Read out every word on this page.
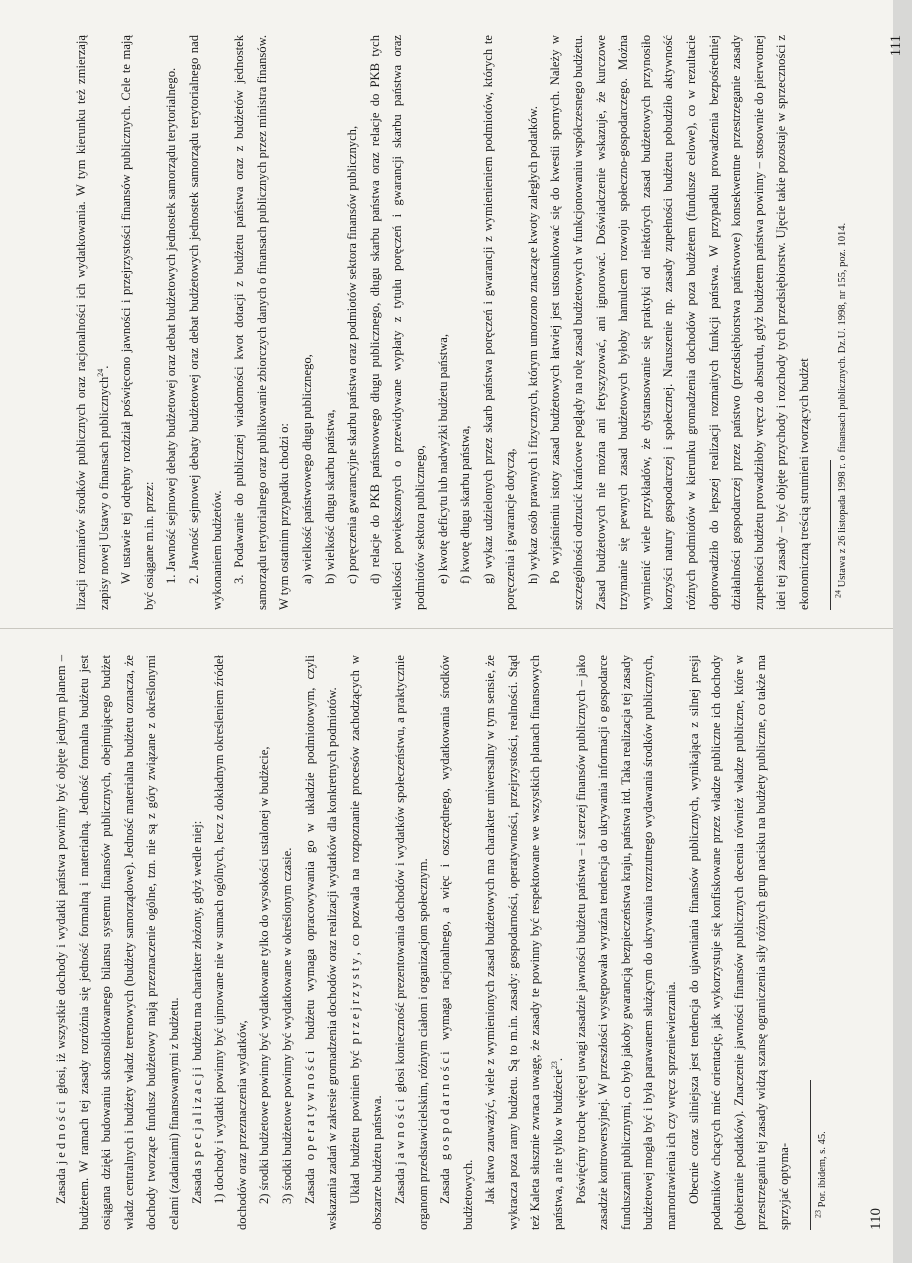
Zasada jedności głosi, iż wszystkie dochody i wydatki państwa powinny być objęte jednym planem – budżetem. W ramach tej zasady rozróżnia się jedność formalną i materialną. Jedność formalna budżetu jest osiągana dzięki budowaniu skonsolidowanego bilansu systemu finansów publicznych, obejmującego budżet władz centralnych i budżety władz terenowych (budżety samorządowe). Jedność materialna budżetu oznacza, że dochody tworzące fundusz budżetowy mają przeznaczenie ogólne, tzn. nie są z góry związane z określonymi celami (zadaniami) finansowanymi z budżetu. Zasada specjalizacji budżetu ma charakter złożony, gdyż wedle niej: 1) dochody i wydatki powinny być ujmowane nie w sumach ogólnych, lecz z dokładnym określeniem źródeł dochodów oraz przeznaczenia wydatków, 2) środki budżetowe powinny być wydatkowane tylko do wysokości ustalonej w budżecie, 3) środki budżetowe powinny być wydatkowane w określonym czasie. Zasada operatywności budżetu wymaga opracowywania go w układzie podmiotowym, czyli wskazania zadań w zakresie gromadzenia dochodów oraz realizacji wydatków dla konkretnych podmiotów. Układ budżetu powinien być przejrzysty, co pozwala na rozpoznanie procesów zachodzących w obszarze budżetu państwa. Zasada jawności głosi konieczność prezentowania dochodów i wydatków społeczeństwu, a praktycznie organom przedstawicielskim, różnym ciałom i organizacjom społecznym. Zasada gospodarności wymaga racjonalnego, a więc i oszczędnego, wydatkowania środków budżetowych. Jak łatwo zauważyć, wiele z wymienionych zasad budżetowych ma charakter uniwersalny w tym sensie, że wykracza poza ramy budżetu. Są to m.in. zasady: gospodarności, operatywności, przejrzystości, realności. Stąd też Kaleta słusznie zwraca uwagę, że zasady te powinny być respektowane we wszystkich planach finansowych państwa, a nie tylko w budżecie$^{23}$. Poświęćmy trochę więcej uwagi zasadzie jawności budżetu państwa – i szerzej finansów publicznych – jako zasadzie kontrowersyjnej. W przeszłości występowała wyraźna tendencja do ukrywania informacji o gospodarce funduszami publicznymi, co było jakoby gwarancją bezpieczeństwa kraju, państwa itd. Taka realizacja tej zasady budżetowej mogła być i była parawanem służącym do ukrywania rozrzutnego wydawania środków publicznych, marnotrawienia ich czy wręcz sprzeniewierzania. Obecnie coraz silniejsza jest tendencja do ujawniania finansów publicznych, wynikająca z silnej presji podatników chcących mieć orientację, jak wykorzystuje się konfiskowane przez władze publiczne ich dochody (pobieranie podatków). Znaczenie jawności finansów publicznych decenia również władze publiczne, które w przestrzeganiu tej zasady widzą szansę ograniczenia siły różnych grup nacisku na budżety publiczne, co także ma sprzyjać optyma-	$^{23}$ Por. ibidem, s. 45.

110

lizacji rozmiarów środków publicznych oraz racjonalności ich wydatkowania. W tym kierunku też zmierzają zapisy nowej Ustawy o finansach publicznych$^{24}$. W ustawie tej odrębny rozdział poświęcono jawności i przejrzystości finansów publicznych. Cele te mają być osiągane m.in. przez: 1. Jawność sejmowej debaty budżetowej oraz debat budżetowych jednostek samorządu terytorialnego. 2. Jawność sejmowej debaty budżetowej oraz debat budżetowych jednostek samorządu terytorialnego nad wykonaniem budżetów. 3. Podawanie do publicznej wiadomości kwot dotacji z budżetu państwa oraz z budżetów jednostek samorządu terytorialnego oraz publikowanie zbiorczych danych o finansach publicznych przez ministra finansów. W tym ostatnim przypadku chodzi o: a) wielkość państwowego długu publicznego, b) wielkość długu skarbu państwa, c) poręczenia gwarancyjne skarbu państwa oraz podmiotów sektora finansów publicznych, d) relacje do PKB państwowego długu publicznego, długu skarbu państwa oraz relacje do PKB tych wielkości powiększonych o przewidywane wypłaty z tytułu poręczeń i gwarancji skarbu państwa oraz podmiotów sektora publicznego, e) kwotę deficytu lub nadwyżki budżetu państwa, f) kwotę długu skarbu państwa, g) wykaz udzielonych przez skarb państwa poręczeń i gwarancji z wymienieniem podmiotów, których te poręczenia i gwarancje dotyczą, h) wykaz osób prawnych i fizycznych, którym umorzono znaczące kwoty zaległych podatków. Po wyjaśnieniu istoty zasad budżetowych łatwiej jest ustosunkować się do kwestii spornych. Należy w szczególności odrzucić krańcowe poglądy na rolę zasad budżetowych w funkcjonowaniu współczesnego budżetu. Zasad budżetowych nie można ani fetyszyzować, ani ignorować. Doświadczenie wskazuje, że kurczowe trzymanie się pewnych zasad budżetowych byłoby hamulcem rozwoju społeczno-gospodarczego. Można wymienić wiele przykładów, że dystansowanie się praktyki od niektórych zasad budżetowych przynosiło korzyści natury gospodarczej i społecznej. Naruszenie np. zasady zupełności budżetu pobudziło aktywność różnych podmiotów w kierunku gromadzenia dochodów poza budżetem (fundusze celowe), co w rezultacie doprowadziło do lepszej realizacji rozmaitych funkcji państwa. W przypadku prowadzenia bezpośredniej działalności gospodarczej przez państwo (przedsiębiorstwa państwowe) konsekwentne przestrzeganie zasady zupełności budżetu prowadziłoby wręcz do absurdu, gdyż budżetem państwa powinny – stosownie do pierwotnej idei tej zasady – być objęte przychody i rozchody tych przedsiębiorstw. Ujęcie takie pozostaje w sprzeczności z ekonomiczną treścią strumieni tworzących budżet	$^{24}$ Ustawa z 26 listopada 1998 r. o finansach publicznych. Dz.U. 1998, nr 155, poz. 1014.

111
